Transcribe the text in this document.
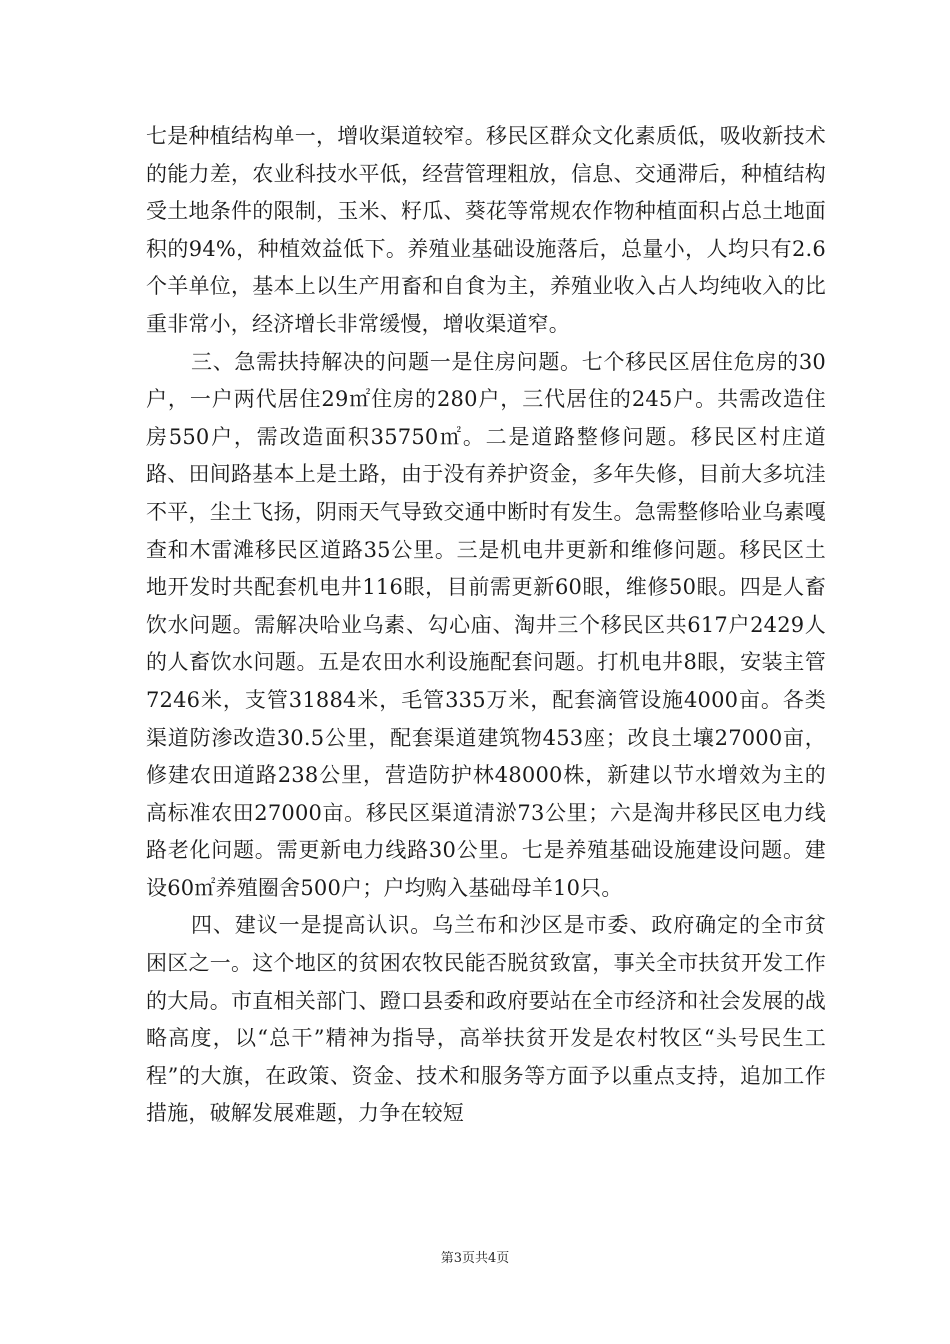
七是种植结构单一，增收渠道较窄。移民区群众文化素质低，吸收新技术的能力差，农业科技水平低，经营管理粗放，信息、交通滞后，种植结构受土地条件的限制，玉米、籽瓜、葵花等常规农作物种植面积占总土地面积的94%，种植效益低下。养殖业基础设施落后，总量小，人均只有2.6个羊单位，基本上以生产用畜和自食为主，养殖业收入占人均纯收入的比重非常小，经济增长非常缓慢，增收渠道窄。

三、急需扶持解决的问题一是住房问题。七个移民区居住危房的30户，一户两代居住29㎡住房的280户，三代居住的245户。共需改造住房550户，需改造面积35750㎡。二是道路整修问题。移民区村庄道路、田间路基本上是土路，由于没有养护资金，多年失修，目前大多坑洼不平，尘土飞扬，阴雨天气导致交通中断时有发生。急需整修哈业乌素嘎查和木雷滩移民区道路35公里。三是机电井更新和维修问题。移民区土地开发时共配套机电井116眼，目前需更新60眼，维修50眼。四是人畜饮水问题。需解决哈业乌素、勾心庙、淘井三个移民区共617户2429人的人畜饮水问题。五是农田水利设施配套问题。打机电井8眼，安装主管7246米，支管31884米，毛管335万米，配套滴管设施4000亩。各类渠道防渗改造30.5公里，配套渠道建筑物453座；改良土壤27000亩，修建农田道路238公里，营造防护林48000株，新建以节水增效为主的高标准农田27000亩。移民区渠道清淤73公里；六是淘井移民区电力线路老化问题。需更新电力线路30公里。七是养殖基础设施建设问题。建设60㎡养殖圈舍500户；户均购入基础母羊10只。

四、建议一是提高认识。乌兰布和沙区是市委、政府确定的全市贫困区之一。这个地区的贫困农牧民能否脱贫致富，事关全市扶贫开发工作的大局。市直相关部门、蹬口县委和政府要站在全市经济和社会发展的战略高度，以“总干”精神为指导，高举扶贫开发是农村牧区“头号民生工程”的大旗，在政策、资金、技术和服务等方面予以重点支持，追加工作措施，破解发展难题，力争在较短

第3页共4页
